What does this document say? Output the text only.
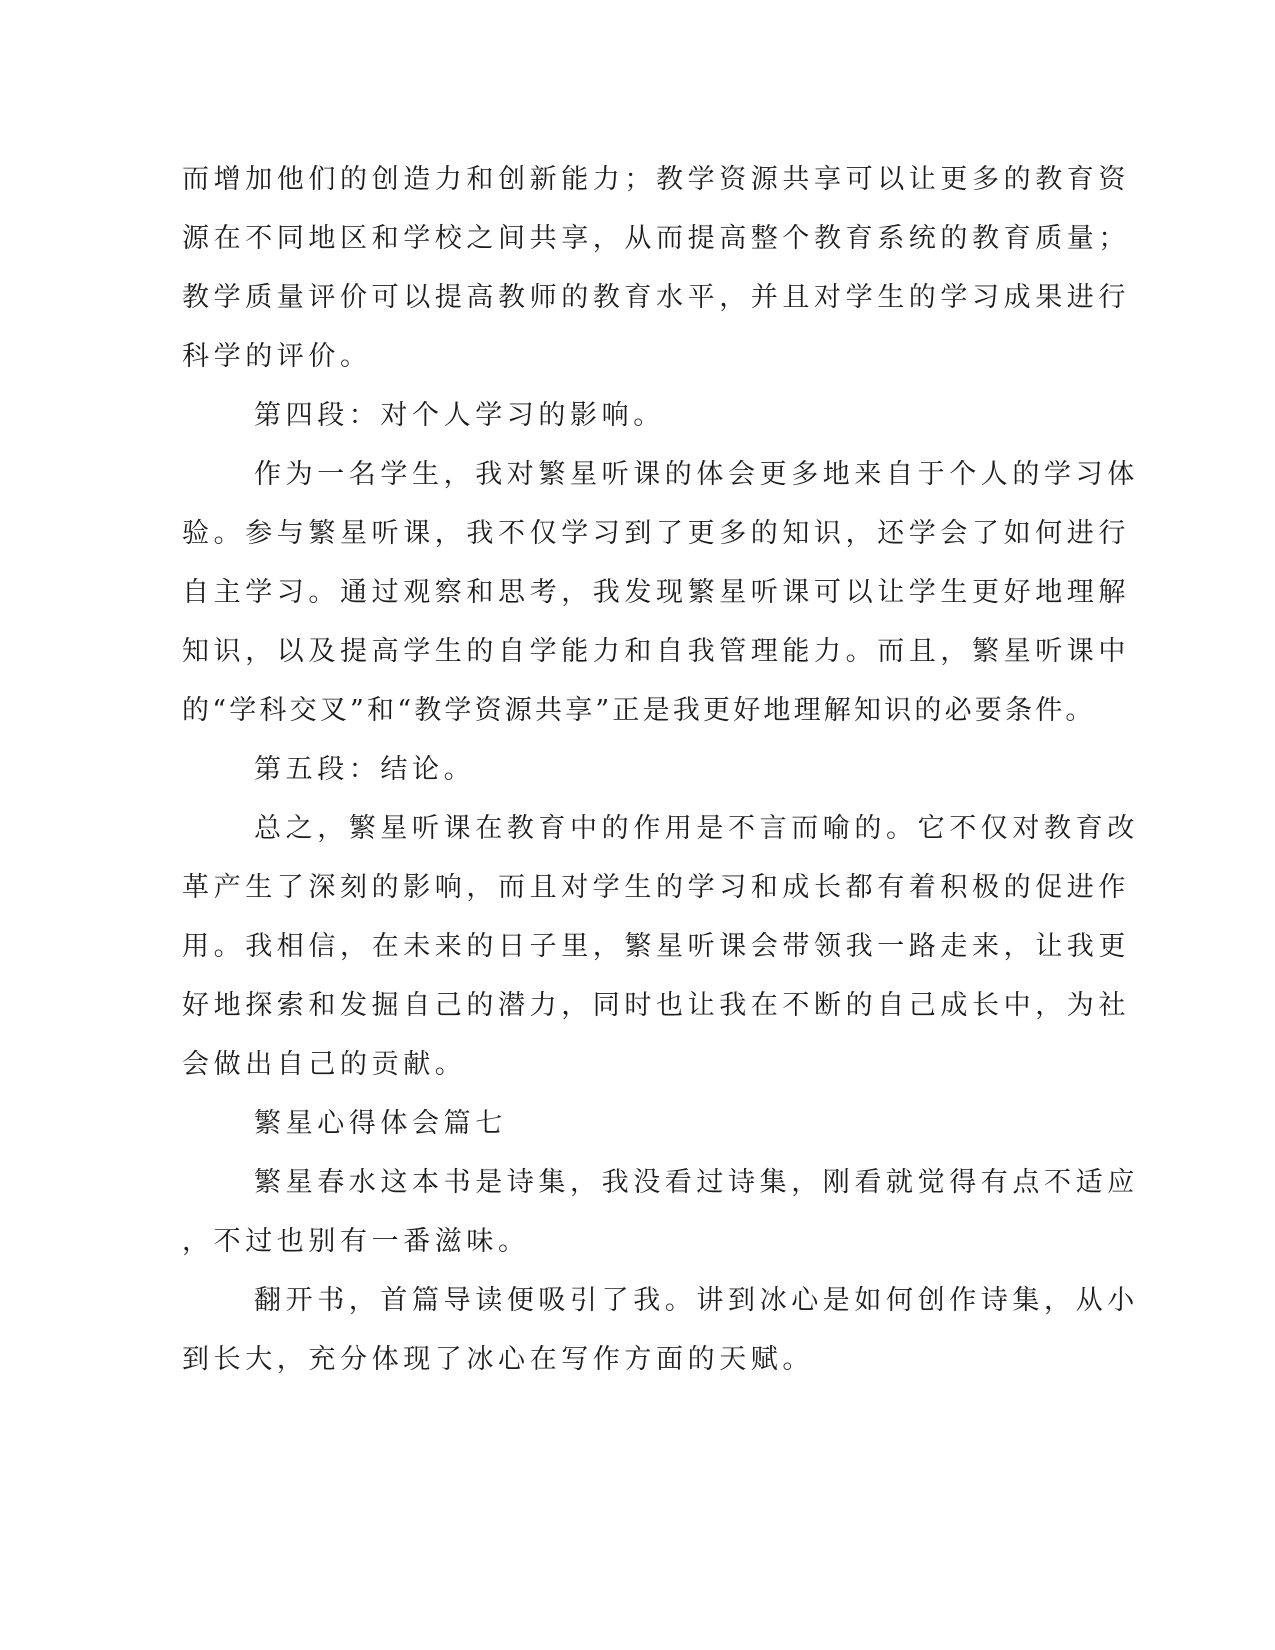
而增加他们的创造力和创新能力；教学资源共享可以让更多的教育资

源在不同地区和学校之间共享，从而提高整个教育系统的教育质量；

教学质量评价可以提高教师的教育水平，并且对学生的学习成果进行

科学的评价。

第四段：对个人学习的影响。

作为一名学生，我对繁星听课的体会更多地来自于个人的学习体

验。参与繁星听课，我不仅学习到了更多的知识，还学会了如何进行

自主学习。通过观察和思考，我发现繁星听课可以让学生更好地理解

知识，以及提高学生的自学能力和自我管理能力。而且，繁星听课中

的“学科交叉”和“教学资源共享”正是我更好地理解知识的必要条件。

第五段：结论。

总之，繁星听课在教育中的作用是不言而喻的。它不仅对教育改

革产生了深刻的影响，而且对学生的学习和成长都有着积极的促进作

用。我相信，在未来的日子里，繁星听课会带领我一路走来，让我更

好地探索和发掘自己的潜力，同时也让我在不断的自己成长中，为社

会做出自己的贡献。

繁星心得体会篇七

繁星春水这本书是诗集，我没看过诗集，刚看就觉得有点不适应

，不过也别有一番滋味。

翻开书，首篇导读便吸引了我。讲到冰心是如何创作诗集，从小

到长大，充分体现了冰心在写作方面的天赋。
